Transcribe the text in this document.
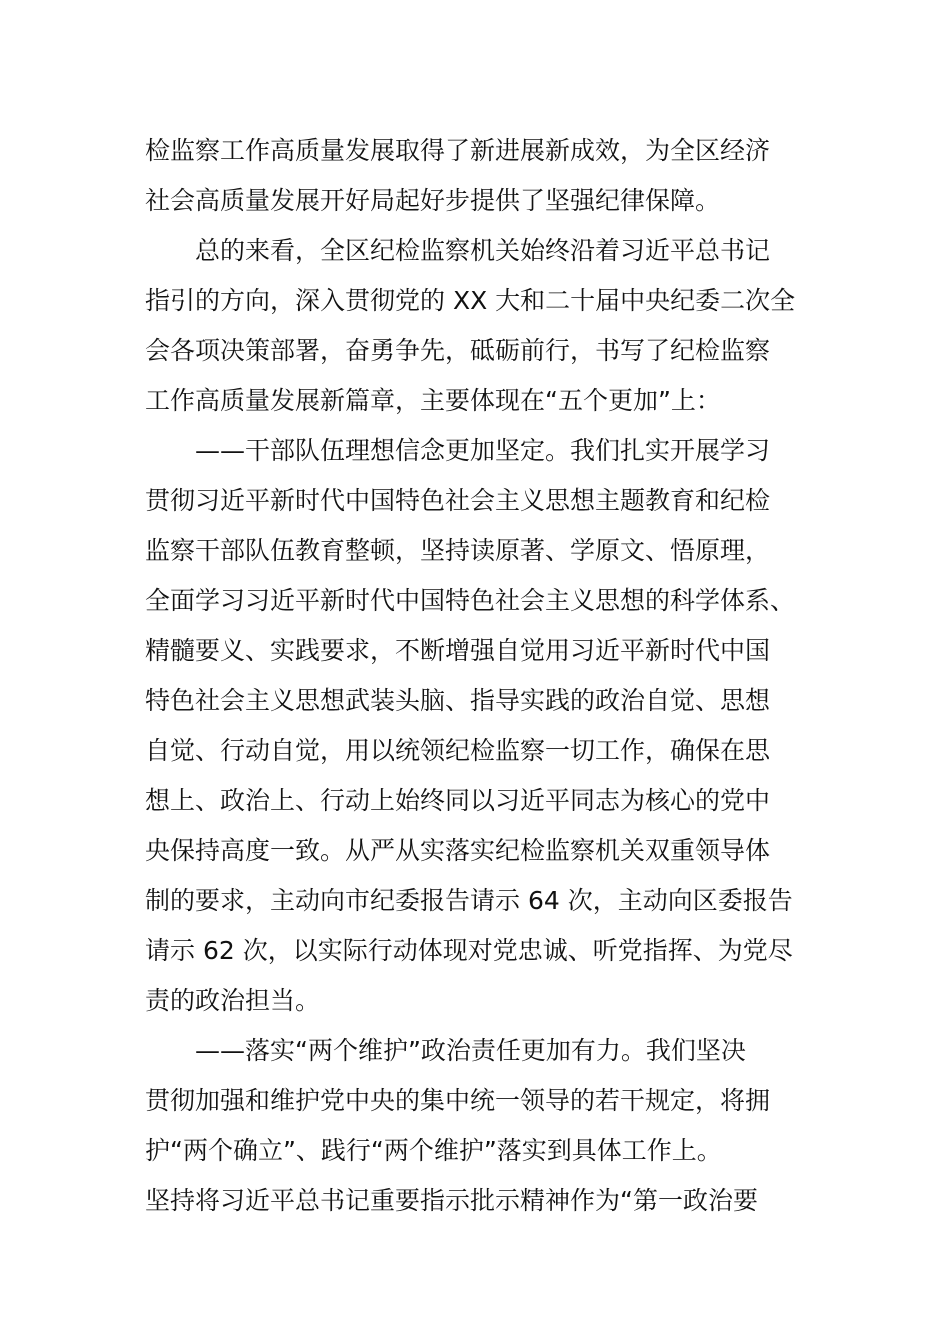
检监察工作高质量发展取得了新进展新成效，为全区经济
社会高质量发展开好局起好步提供了坚强纪律保障。
总的来看，全区纪检监察机关始终沿着习近平总书记
指引的方向，深入贯彻党的 XX 大和二十届中央纪委二次全
会各项决策部署，奋勇争先，砥砺前行，书写了纪检监察
工作高质量发展新篇章，主要体现在“五个更加”上：
——干部队伍理想信念更加坚定。我们扎实开展学习
贯彻习近平新时代中国特色社会主义思想主题教育和纪检
监察干部队伍教育整顿，坚持读原著、学原文、悟原理，
全面学习习近平新时代中国特色社会主义思想的科学体系、
精髓要义、实践要求，不断增强自觉用习近平新时代中国
特色社会主义思想武装头脑、指导实践的政治自觉、思想
自觉、行动自觉，用以统领纪检监察一切工作，确保在思
想上、政治上、行动上始终同以习近平同志为核心的党中
央保持高度一致。从严从实落实纪检监察机关双重领导体
制的要求，主动向市纪委报告请示 64 次，主动向区委报告
请示 62 次，以实际行动体现对党忠诚、听党指挥、为党尽
责的政治担当。
——落实“两个维护”政治责任更加有力。我们坚决
贯彻加强和维护党中央的集中统一领导的若干规定，将拥
护“两个确立”、践行“两个维护”落实到具体工作上。
坚持将习近平总书记重要指示批示精神作为“第一政治要
